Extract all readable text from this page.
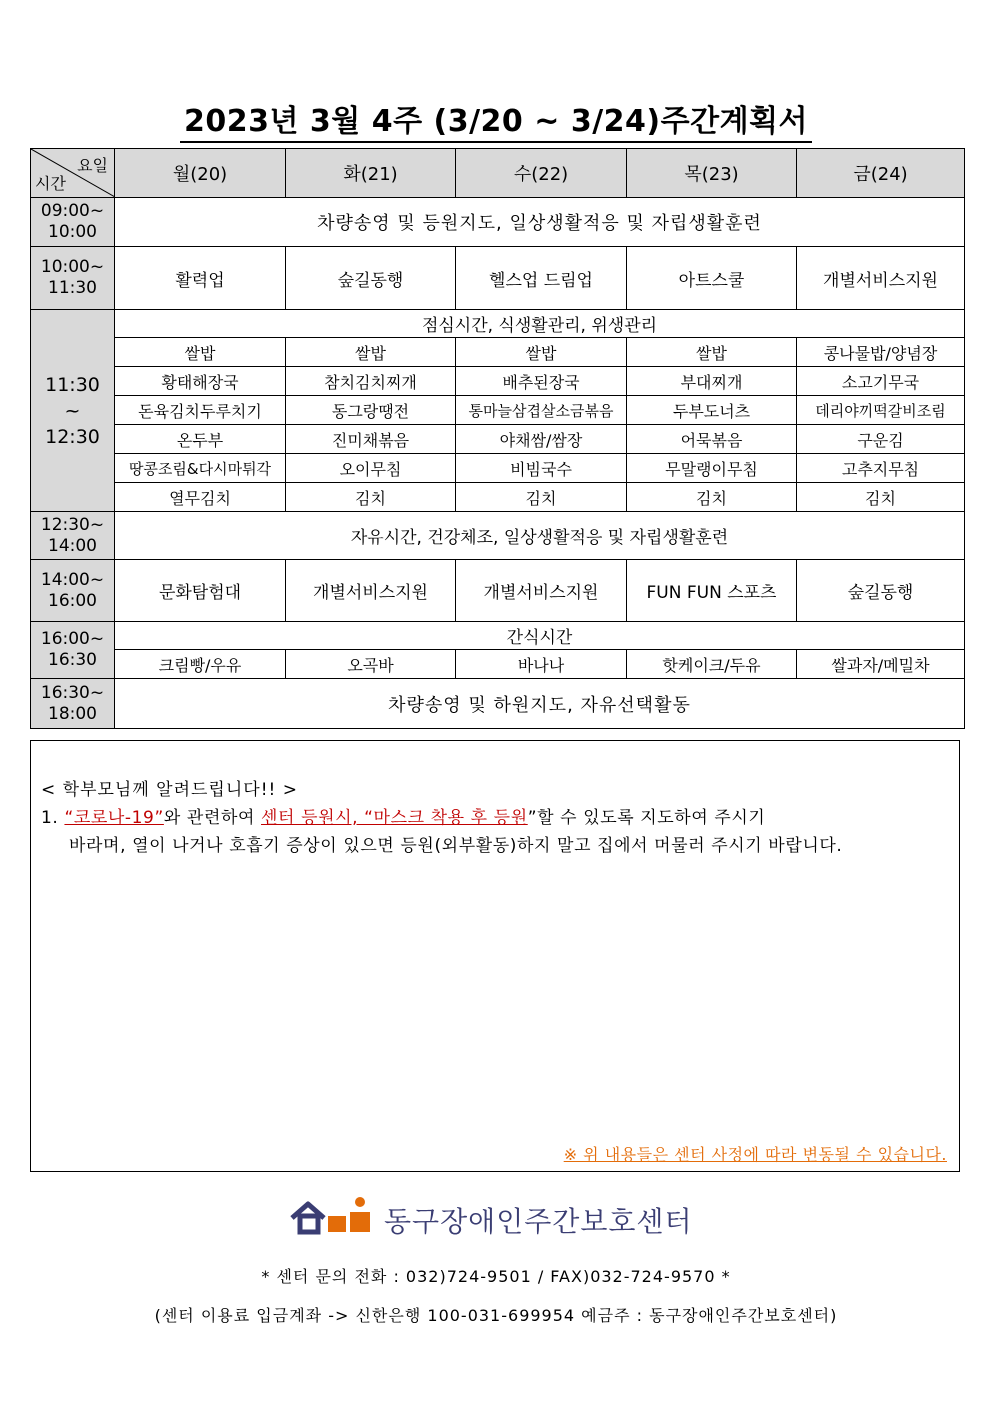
2023년 3월 4주 (3/20 ~ 3/24)주간계획서
요일
시간	월(20)	화(21)	수(22)	목(23)	금(24)
09:00~
10:00	차량송영 및 등원지도, 일상생활적응 및 자립생활훈련				
10:00~
11:30	활력업	숲길동행	헬스업 드림업	아트스쿨	개별서비스지원
11:30
~
12:30	점심시간, 식생활관리, 위생관리				
	쌀밥	쌀밥	쌀밥	쌀밥	콩나물밥/양념장
	황태해장국	참치김치찌개	배추된장국	부대찌개	소고기무국
	돈육김치두루치기	동그랑땡전	통마늘삼겹살소금볶음	두부도너츠	데리야끼떡갈비조림
	온두부	진미채볶음	야채쌈/쌈장	어묵볶음	구운김
	땅콩조림&다시마튀각	오이무침	비빔국수	무말랭이무침	고추지무침
	열무김치	김치	김치	김치	김치
12:30~
14:00	자유시간, 건강체조, 일상생활적응 및 자립생활훈련				
14:00~
16:00	문화탐험대	개별서비스지원	개별서비스지원	FUN FUN 스포츠	숲길동행
16:00~
16:30	간식시간				
	크림빵/우유	오곡바	바나나	핫케이크/두유	쌀과자/메밀차
16:30~
18:00	차량송영 및 하원지도, 자유선택활동				
< 학부모님께 알려드립니다!! >
1. “코로나-19”와 관련하여 센터 등원시, “마스크 착용 후 등원”할 수 있도록 지도하여 주시기
바라며, 열이 나거나 호흡기 증상이 있으면 등원(외부활동)하지 말고 집에서 머물러 주시기 바랍니다.
※ 위 내용들은 센터 사정에 따라 변동될 수 있습니다.
동구장애인주간보호센터
* 센터 문의 전화 : 032)724-9501 / FAX)032-724-9570 *
(센터 이용료 입금계좌 -> 신한은행 100-031-699954 예금주 : 동구장애인주간보호센터)
